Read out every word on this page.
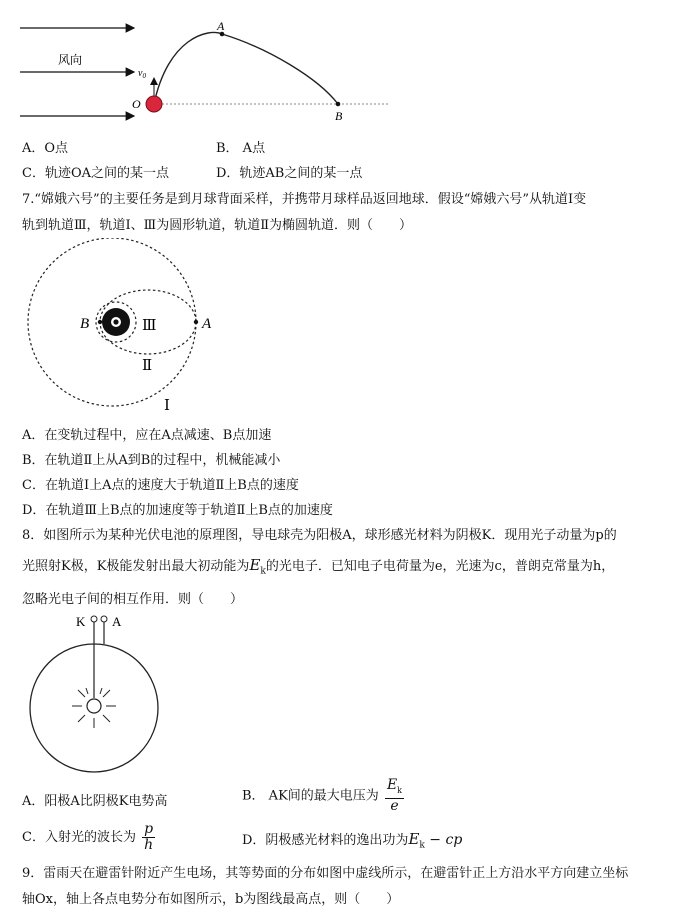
风向
$v_0$
O
A
B
A．O点	B． A点
C．轨迹OA之间的某一点	D．轨迹AB之间的某一点
7.“嫦娥六号”的主要任务是到月球背面采样，并携带月球样品返回地球．假设“嫦娥六号”从轨道Ⅰ变
轨到轨道Ⅲ，轨道Ⅰ、Ⅲ为圆形轨道，轨道Ⅱ为椭圆轨道．则（　　）
B	A
Ⅲ
Ⅱ
Ⅰ
A．在变轨过程中，应在A点减速、B点加速
B．在轨道Ⅱ上从A到B的过程中，机械能减小
C．在轨道Ⅰ上A点的速度大于轨道Ⅱ上B点的速度
D．在轨道Ⅲ上B点的加速度等于轨道Ⅱ上B点的加速度
8．如图所示为某种光伏电池的原理图，导电球壳为阳极A，球形感光材料为阴极K．现用光子动量为p的
光照射K极，K极能发射出最大初动能为$E_k$的光电子．已知电子电荷量为e，光速为c，普朗克常量为h，
忽略光电子间的相互作用．则（　　）
K A
A．阳极A比阴极K电势高	B． AK间的最大电压为 $\frac{E_k}{e}$
C．入射光的波长为 $\frac{p}{h}$	D．阴极感光材料的逸出功为$E_k$ − cp
9．雷雨天在避雷针附近产生电场，其等势面的分布如图中虚线所示，在避雷针正上方沿水平方向建立坐标
轴Ox，轴上各点电势分布如图所示，b为图线最高点，则（　　）
